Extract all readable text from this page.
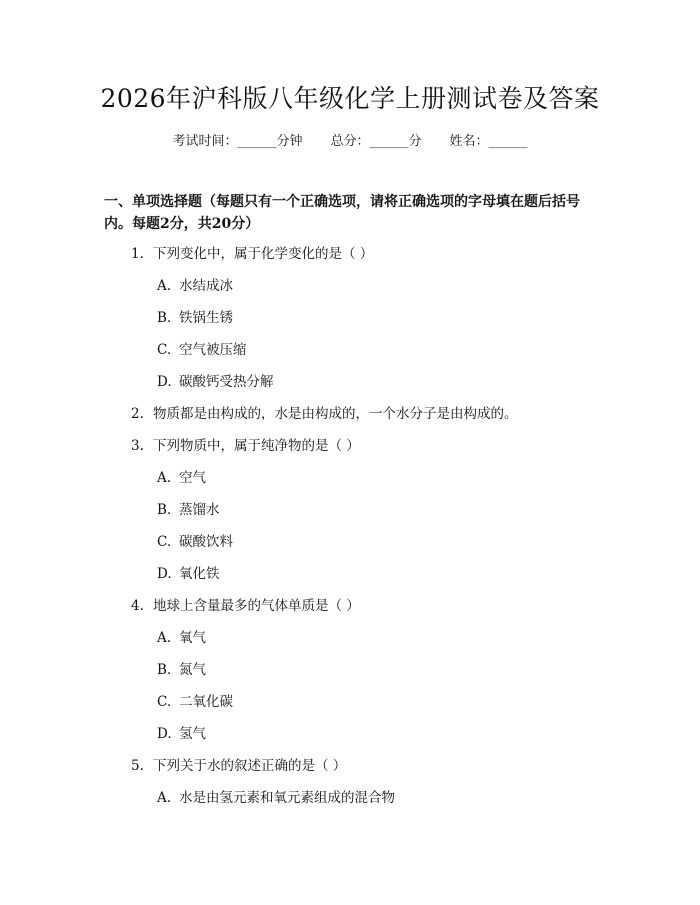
2026年沪科版八年级化学上册测试卷及答案
考试时间：______分钟 总分：______分 姓名：______
一、单项选择题（每题只有一个正确选项，请将正确选项的字母填在题后括号内。每题2分，共20分）
1. 下列变化中，属于化学变化的是（ ）
A. 水结成冰
B. 铁锅生锈
C. 空气被压缩
D. 碳酸钙受热分解
2. 物质都是由构成的，水是由构成的，一个水分子是由构成的。
3. 下列物质中，属于纯净物的是（ ）
A. 空气
B. 蒸馏水
C. 碳酸饮料
D. 氧化铁
4. 地球上含量最多的气体单质是（ ）
A. 氧气
B. 氮气
C. 二氧化碳
D. 氢气
5. 下列关于水的叙述正确的是（ ）
A. 水是由氢元素和氧元素组成的混合物
